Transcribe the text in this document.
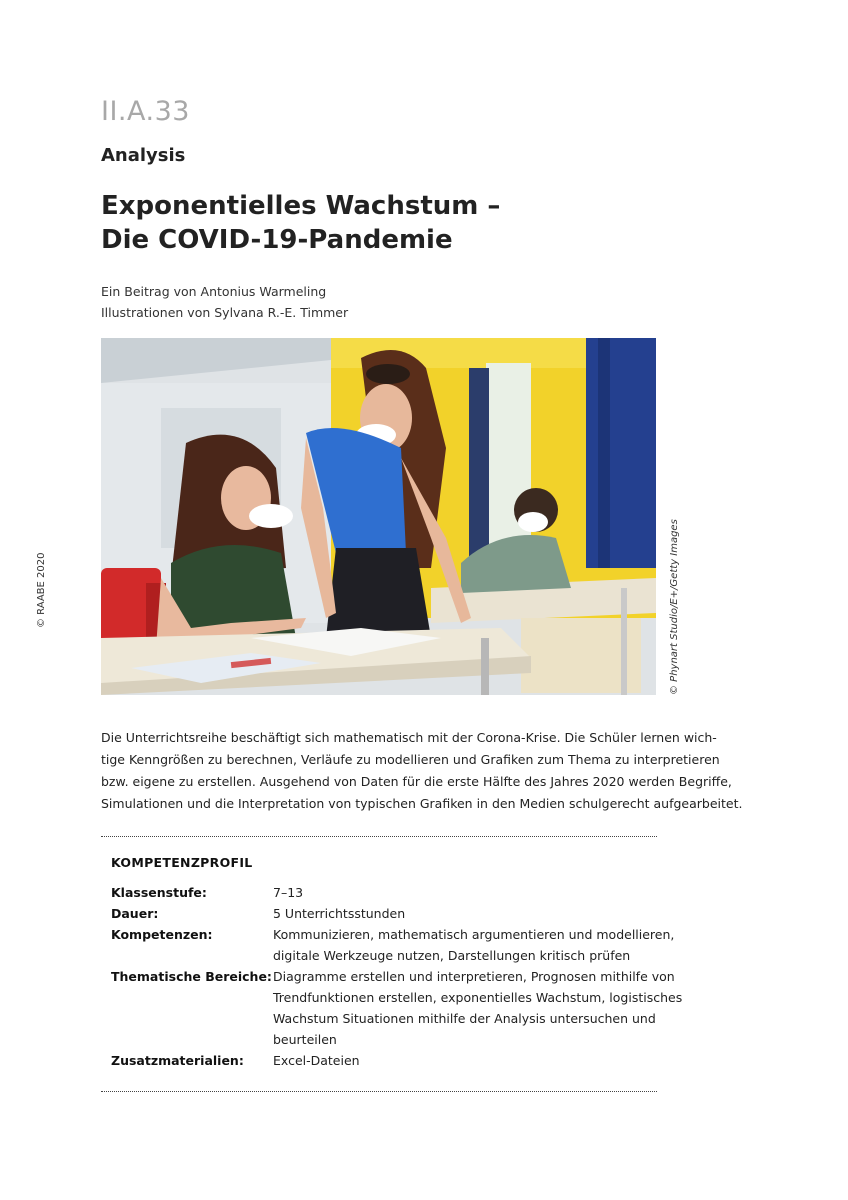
II.A.33
Analysis
Exponentielles Wachstum –
Die COVID-19-Pandemie
Ein Beitrag von Antonius Warmeling
Illustrationen von Sylvana R.-E. Timmer
© Phynart Studio/E+/Getty Images
© RAABE 2020
Die Unterrichtsreihe beschäftigt sich mathematisch mit der Corona-Krise. Die Schüler lernen wich-
tige Kenngrößen zu berechnen, Verläufe zu modellieren und Grafiken zum Thema zu interpretieren
bzw. eigene zu erstellen. Ausgehend von Daten für die erste Hälfte des Jahres 2020 werden Begriffe,
Simulationen und die Interpretation von typischen Grafiken in den Medien schulgerecht aufgearbeitet.
KOMPETENZPROFIL
Klassenstufe:	7–13
Dauer:	5 Unterrichtsstunden
Kompetenzen:	Kommunizieren, mathematisch argumentieren und modellieren,
digitale Werkzeuge nutzen, Darstellungen kritisch prüfen
Thematische Bereiche: Diagramme erstellen und interpretieren, Prognosen mithilfe von
Trendfunktionen erstellen, exponentielles Wachstum, logistisches
Wachstum Situationen mithilfe der Analysis untersuchen und
beurteilen
Zusatzmaterialien:	Excel-Dateien
